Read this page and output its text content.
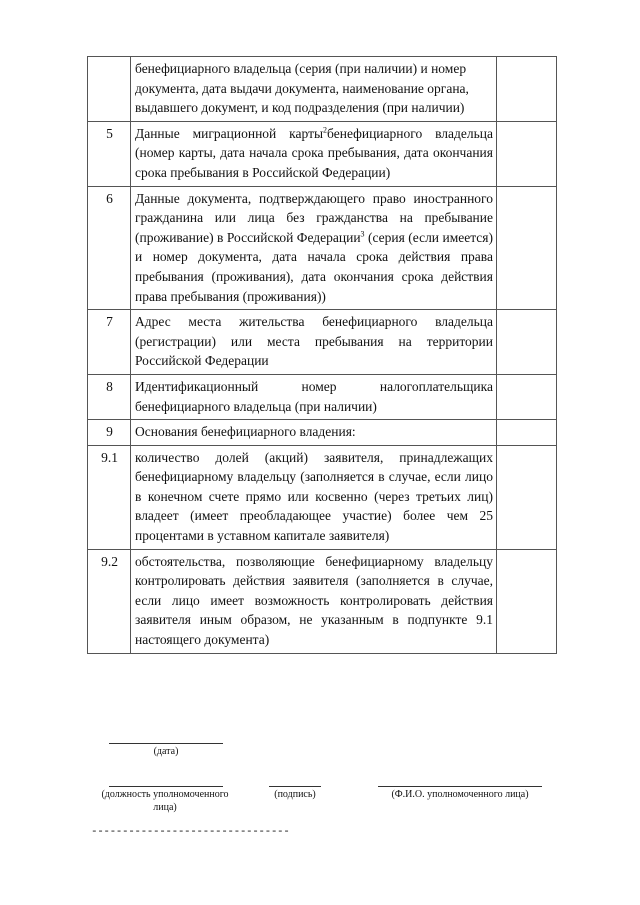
	бенефициарного владельца (серия (при наличии) и номер документа, дата выдачи документа, наименование органа, выдавшего документ, и код подразделения (при наличии)	
5	Данные миграционной карты$^2$бенефициарного владельца (номер карты, дата начала срока пребывания, дата окончания срока пребывания в Российской Федерации)	
6	Данные документа, подтверждающего право иностранного гражданина или лица без гражданства на пребывание (проживание) в Российской Федерации$^3$ (серия (если имеется) и номер документа, дата начала срока действия права пребывания (проживания), дата окончания срока действия права пребывания (проживания))	
7	Адрес места жительства бенефициарного владельца (регистрации) или места пребывания на территории Российской Федерации	
8	Идентификационный номер налогоплательщика бенефициарного владельца (при наличии)	
9	Основания бенефициарного владения:	
9.1	количество долей (акций) заявителя, принадлежащих бенефициарному владельцу (заполняется в случае, если лицо в конечном счете прямо или косвенно (через третьих лиц) владеет (имеет преобладающее участие) более чем 25 процентами в уставном капитале заявителя)	
9.2	обстоятельства, позволяющие бенефициарному владельцу контролировать действия заявителя (заполняется в случае, если лицо имеет возможность контролировать действия заявителя иным образом, не указанным в подпункте 9.1 настоящего документа)	
(дата)
(должность уполномоченного лица)
(подпись)	(Ф.И.О. уполномоченного лица)
--------------------------------
